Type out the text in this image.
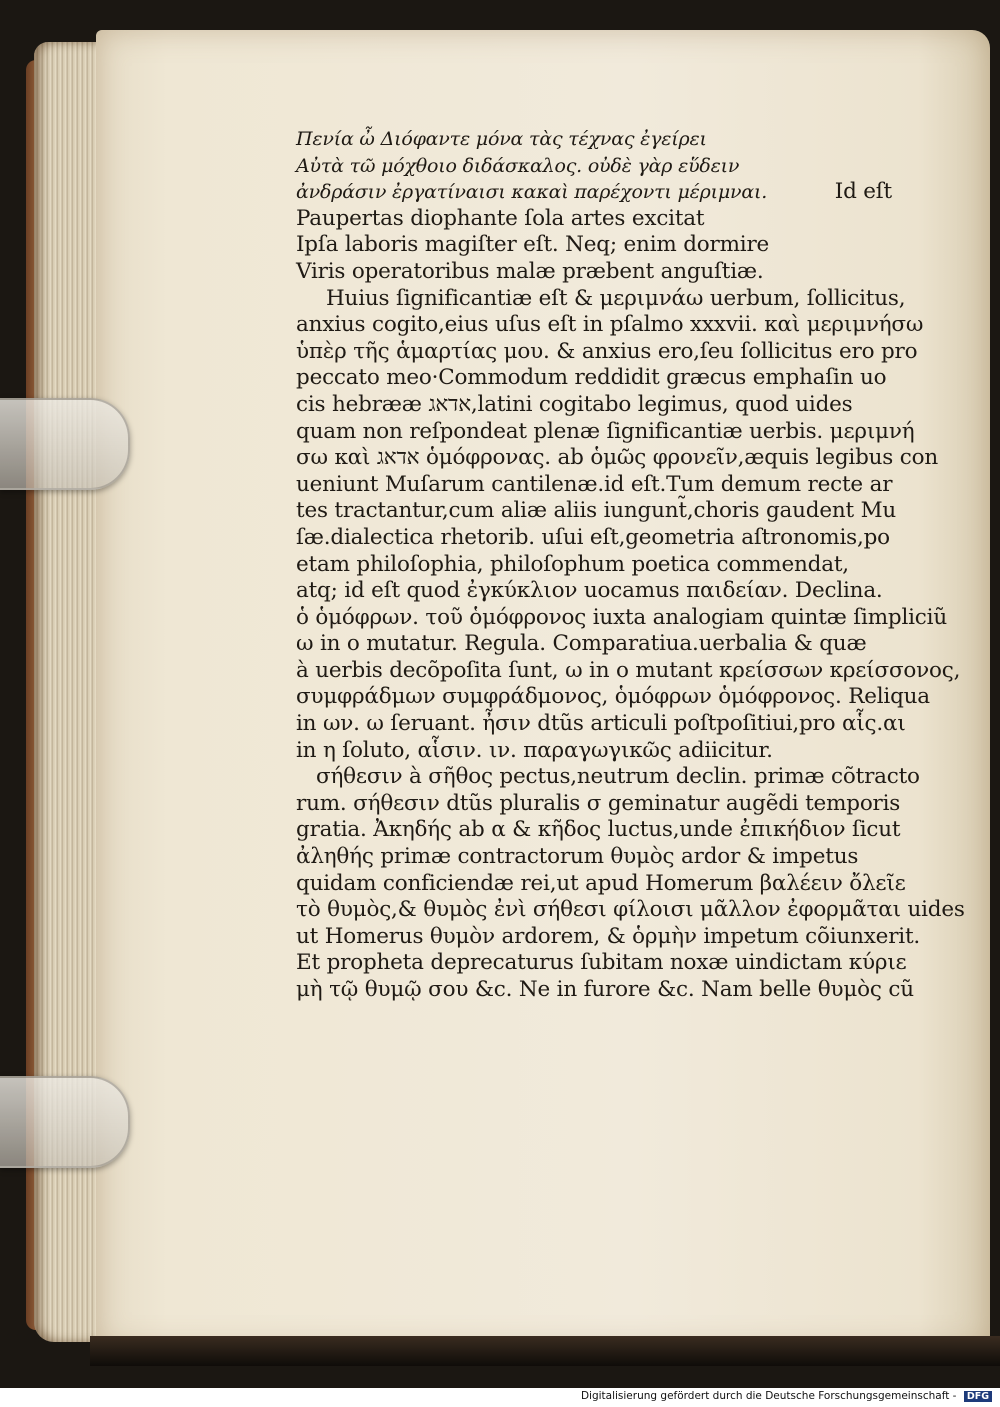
Πενία ὦ Διόφαντε μόνα τὰς τέχνας ἐγείρει
Αὐτὰ τῶ μόχθοιο διδάσκαλος. οὐδὲ γὰρ εὕδειν
ἀνδράσιν ἐργατίναισι κακαὶ παρέχοντι μέριμναι.	Id eſt
Paupertas diophante ſola artes excitat
Ipſa laboris magiſter eſt. Neq; enim dormire
Viris operatoribus malæ præbent anguſtiæ.
Huius ſignificantiæ eſt & μεριμνάω uerbum, ſollicitus,
anxius cogito,eius uſus eſt in pſalmo xxxvii. καὶ μεριμνήσω
ὑπὲρ τῆς ἁμαρτίας μου. & anxius ero,ſeu ſollicitus ero pro
peccato meo·Commodum reddidit græcus emphaſin uo
cis hebrææ אדאג,latini cogitabo legimus, quod uides
quam non reſpondeat plenæ ſignificantiæ uerbis. μεριμνή
σω καὶ אדאג ὁμόφρονας. ab ὁμῶς φρονεῖν,æquis legibus con
ueniunt Muſarum cantilenæ.id eſt.Tum demum recte ar
tes tractantur,cum aliæ aliis iungunt̃,choris gaudent Mu
ſæ.dialectica rhetorib. uſui eſt,geometria aſtronomis,po
etam philoſophia, philoſophum poetica commendat,
atq; id eſt quod ἐγκύκλιον uocamus παιδείαν. Declina.
ὁ ὁμόφρων. τοῦ ὁμόφρονος iuxta analogiam quintæ ſimpliciũ
ω in ο mutatur. Regula. Comparatiua.uerbalia & quæ
à uerbis decõpoſita ſunt, ω in ο mutant κρείσσων κρείσσονος,
συμφράδμων συμφράδμονος, ὁμόφρων ὁμόφρονος. Reliqua
in ων. ω ſeruant. ἦσιν dtũs articuli poſtpoſitiui,pro αἷς.αι
in η ſoluto, αἷσιν. ιν. παραγωγικῶς adiicitur.
σήθεσιν à σῆθος pectus,neutrum declin. primæ cõtracto
rum. σήθεσιν dtũs pluralis σ geminatur augẽdi temporis
gratia. Ἀκηδής ab α & κῆδος luctus,unde ἐπικήδιον ſicut
ἀληθής primæ contractorum θυμὸς ardor & impetus
quidam conficiendæ rei,ut apud Homerum βαλέειν ὄλεῖε
τὸ θυμὸς,& θυμὸς ἐνὶ σήθεσι φίλοισι μᾶλλον ἐφορμᾶται uides
ut Homerus θυμὸν ardorem, & ὁρμὴν impetum cõiunxerit.
Et propheta deprecaturus ſubitam noxæ uindictam κύριε
μὴ τῷ θυμῷ σου &c. Ne in furore &c. Nam belle θυμὸς cũ
Digitalisierung gefördert durch die Deutsche Forschungsgemeinschaft - DFG
